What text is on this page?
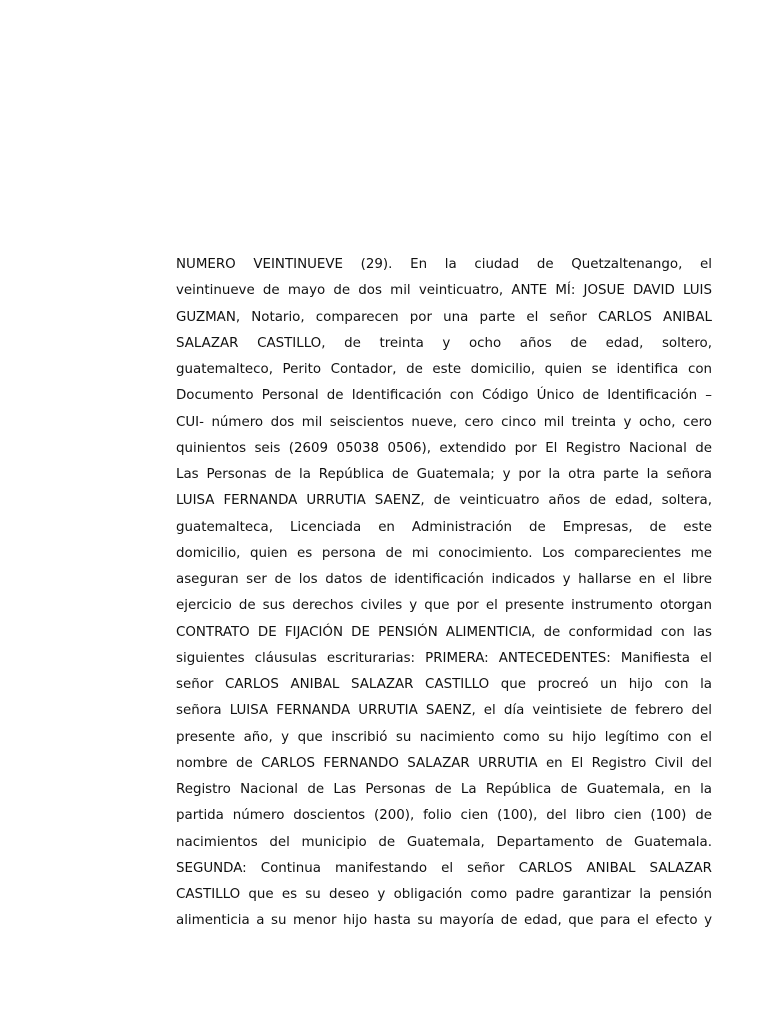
NUMERO VEINTINUEVE (29). En la ciudad de Quetzaltenango, el
veintinueve de mayo de dos mil veinticuatro, ANTE MÍ: JOSUE DAVID LUIS
GUZMAN, Notario, comparecen por una parte el señor CARLOS ANIBAL
SALAZAR CASTILLO, de treinta y ocho años de edad, soltero,
guatemalteco, Perito Contador, de este domicilio, quien se identifica con
Documento Personal de Identificación con Código Único de Identificación –
CUI- número dos mil seiscientos nueve, cero cinco mil treinta y ocho, cero
quinientos seis (2609 05038 0506), extendido por El Registro Nacional de
Las Personas de la República de Guatemala; y por la otra parte la señora
LUISA FERNANDA URRUTIA SAENZ, de veinticuatro años de edad, soltera,
guatemalteca, Licenciada en Administración de Empresas, de este
domicilio, quien es persona de mi conocimiento. Los comparecientes me
aseguran ser de los datos de identificación indicados y hallarse en el libre
ejercicio de sus derechos civiles y que por el presente instrumento otorgan
CONTRATO DE FIJACIÓN DE PENSIÓN ALIMENTICIA, de conformidad con las
siguientes cláusulas escriturarias: PRIMERA: ANTECEDENTES: Manifiesta el
señor CARLOS ANIBAL SALAZAR CASTILLO que procreó un hijo con la
señora LUISA FERNANDA URRUTIA SAENZ, el día veintisiete de febrero del
presente año, y que inscribió su nacimiento como su hijo legítimo con el
nombre de CARLOS FERNANDO SALAZAR URRUTIA en El Registro Civil del
Registro Nacional de Las Personas de La República de Guatemala, en la
partida número doscientos (200), folio cien (100), del libro cien (100) de
nacimientos del municipio de Guatemala, Departamento de Guatemala.
SEGUNDA: Continua manifestando el señor CARLOS ANIBAL SALAZAR
CASTILLO que es su deseo y obligación como padre garantizar la pensión
alimenticia a su menor hijo hasta su mayoría de edad, que para el efecto y
